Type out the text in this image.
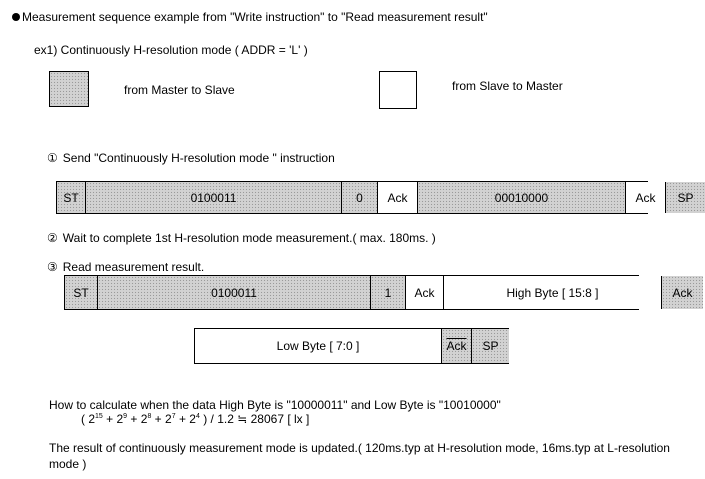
Measurement sequence example from "Write instruction" to "Read measurement result"
ex1) Continuously H-resolution mode ( ADDR = 'L' )
from Master to Slave	from Slave to Master
① Send "Continuously H-resolution mode " instruction
ST	0100011	0	Ack	00010000	Ack	SP
② Wait to complete 1st H-resolution mode measurement.( max. 180ms. )
③ Read measurement result.
ST	0100011	1	Ack	High Byte [ 15:8 ]	Ack
Low Byte [ 7:0 ]	$\overline{Ack}$	SP
How to calculate when the data High Byte is "10000011" and Low Byte is "10010000"
( $2^{15} + 2^9 + 2^8 + 2^7 + 2^4$ ) / 1.2 ≒ 28067 [ lx ]
The result of continuously measurement mode is updated.( 120ms.typ at H-resolution mode, 16ms.typ at L-resolution
mode )
